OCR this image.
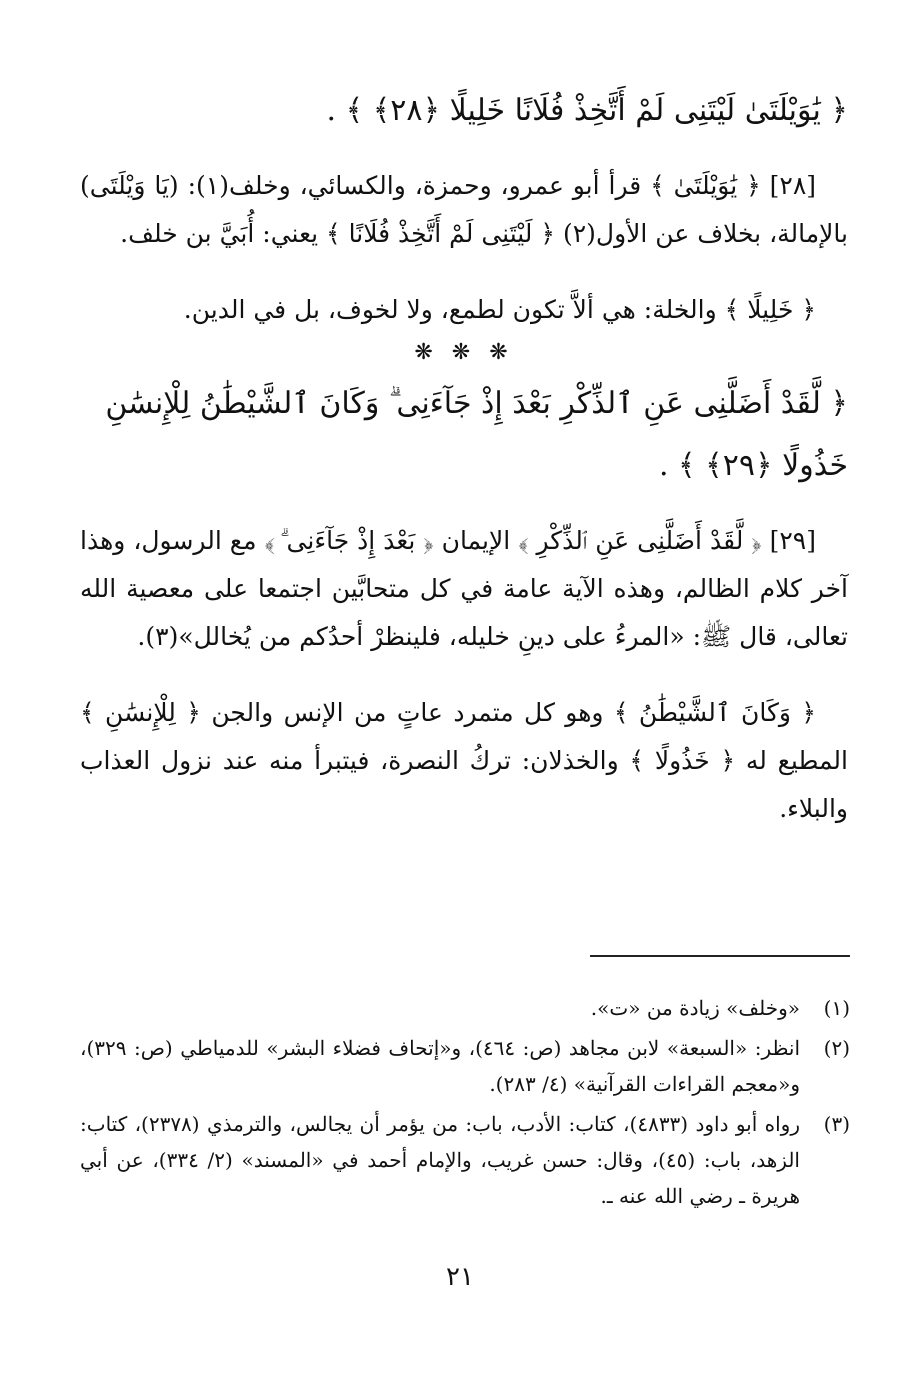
﴿ يَٰوَيْلَتَىٰ لَيْتَنِى لَمْ أَتَّخِذْ فُلَانًا خَلِيلًا ﴿٢٨﴾ ﴾ .

[٢٨] ﴿ يَٰوَيْلَتَىٰ ﴾ قرأ أبو عمرو، وحمزة، والكسائي، وخلف(١): (يَا وَيْلَتَى) بالإمالة، بخلاف عن الأول(٢) ﴿ لَيْتَنِى لَمْ أَتَّخِذْ فُلَانًا ﴾ يعني: أُبَيَّ بن خلف.

﴿ خَلِيلًا ﴾ والخلة: هي ألاَّ تكون لطمع، ولا لخوف، بل في الدين.

❋ ❋ ❋

﴿ لَّقَدْ أَضَلَّنِى عَنِ ٱلذِّكْرِ بَعْدَ إِذْ جَآءَنِى ۗ وَكَانَ ٱلشَّيْطَٰنُ لِلْإِنسَٰنِ خَذُولًا ﴿٢٩﴾ ﴾ .

[٢٩] ﴿ لَّقَدْ أَضَلَّنِى عَنِ ٱلذِّكْرِ ﴾ الإيمان ﴿ بَعْدَ إِذْ جَآءَنِى ۗ ﴾ مع الرسول، وهذا آخر كلام الظالم، وهذه الآية عامة في كل متحابَّين اجتمعا على معصية الله تعالى، قال ﷺ: «المرءُ على دينِ خليله، فلينظرْ أحدُكم من يُخالل»(٣).

﴿ وَكَانَ ٱلشَّيْطَٰنُ ﴾ وهو كل متمرد عاتٍ من الإنس والجن ﴿ لِلْإِنسَٰنِ ﴾ المطيع له ﴿ خَذُولًا ﴾ والخذلان: تركُ النصرة، فيتبرأ منه عند نزول العذاب والبلاء.

(١)
«وخلف» زيادة من «ت».
(٢)
انظر: «السبعة» لابن مجاهد (ص: ٤٦٤)، و«إتحاف فضلاء البشر» للدمياطي (ص: ٣٢٩)، و«معجم القراءات القرآنية» (٤/ ٢٨٣).
(٣)
رواه أبو داود (٤٨٣٣)، كتاب: الأدب، باب: من يؤمر أن يجالس، والترمذي (٢٣٧٨)، كتاب: الزهد، باب: (٤٥)، وقال: حسن غريب، والإمام أحمد في «المسند» (٢/ ٣٣٤)، عن أبي هريرة ـ رضي الله عنه ـ.
٢١
